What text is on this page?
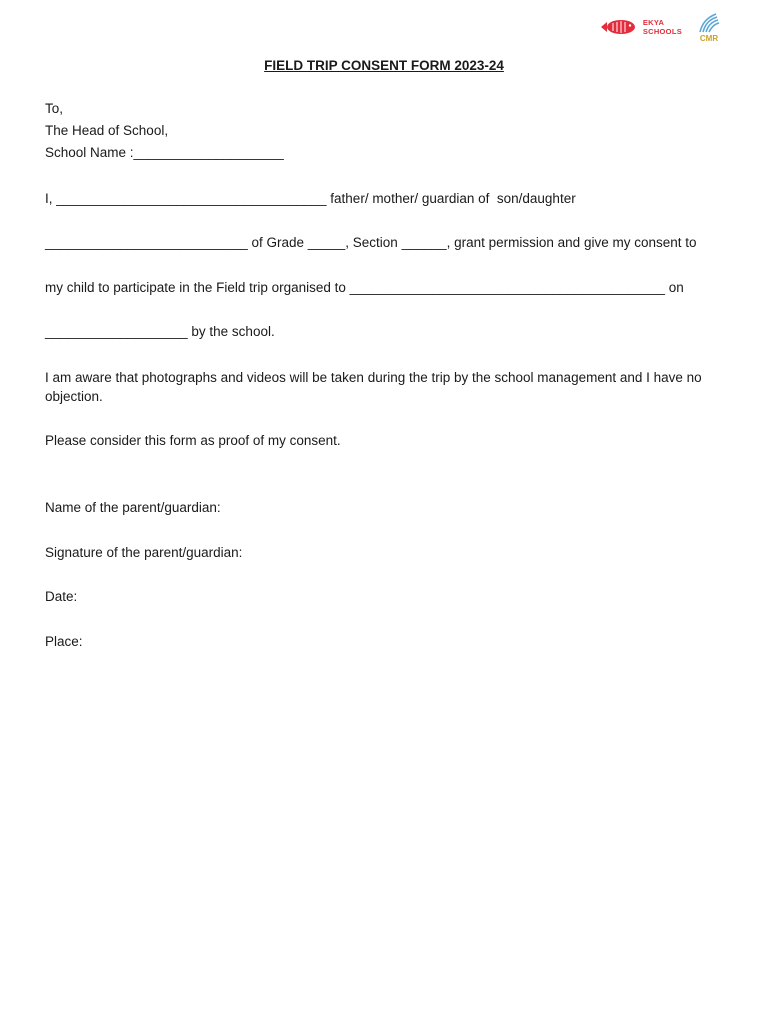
EKYA
SCHOOLS
CMR
FIELD TRIP CONSENT FORM 2023-24

To,

The Head of School,

School Name :____________________

I, ____________________________________ father/ mother/ guardian of  son/daughter

___________________________ of Grade _____, Section ______, grant permission and give my consent to

my child to participate in the Field trip organised to __________________________________________ on

___________________ by the school.

I am aware that photographs and videos will be taken during the trip by the school management and I have no objection.

Please consider this form as proof of my consent.

Name of the parent/guardian:

Signature of the parent/guardian:

Date:

Place:
